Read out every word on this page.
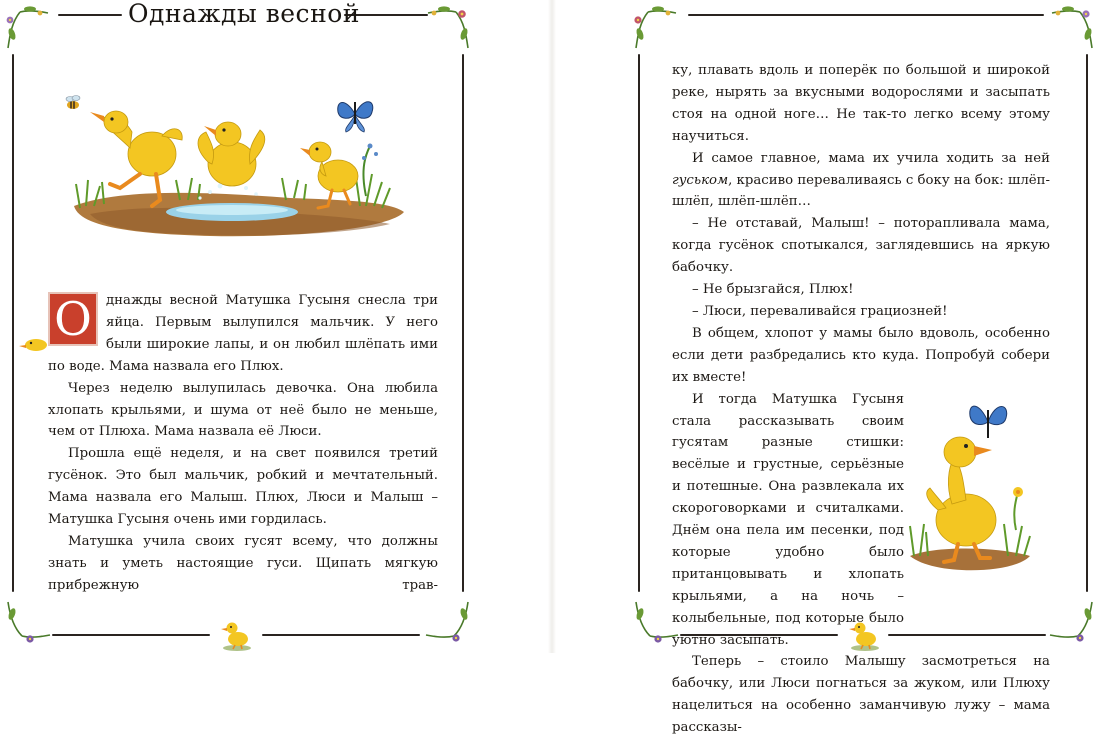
Однажды весной
О	днажды весной Матушка Гусыня снесла три яйца. Первым вылупился мальчик. У него были широкие лапы, и он любил шлёпать ими по воде. Мама назвала его Плюх.

Через неделю вылупилась девочка. Она любила хлопать крыльями, и шума от неё было не меньше, чем от Плюха. Мама назвала её Люси.

Прошла ещё неделя, и на свет появился третий гусёнок. Это был мальчик, робкий и мечтательный. Мама назвала его Малыш. Плюх, Люси и Малыш – Матушка Гусыня очень ими гордилась.

Матушка учила своих гусят всему, что должны знать и уметь настоящие гуси. Щипать мягкую прибрежную трав-

ку, плавать вдоль и поперёк по большой и широкой реке, нырять за вкусными водорослями и засыпать стоя на одной ноге… Не так-то легко всему этому научиться.

И самое главное, мама их учила ходить за ней гуськом, красиво переваливаясь с боку на бок: шлёп-шлёп, шлёп-шлёп…

– Не отставай, Малыш! – поторапливала мама, когда гусёнок спотыкался, заглядевшись на яркую бабочку.

– Не брызгайся, Плюх!

– Люси, переваливайся грациозней!

В общем, хлопот у мамы было вдоволь, особенно если дети разбредались кто куда. Попробуй собери их вместе!

И тогда Матушка Гусыня стала рассказывать своим гусятам разные стишки: весёлые и грустные, серьёзные и потешные. Она развлекала их скороговорками и считалками. Днём она пела им песенки, под которые удобно было пританцовывать и хлопать крыльями, а на ночь – колыбельные, под которые было уютно засыпать.

Теперь – стоило Малышу засмотреться на бабочку, или Люси погнаться за жуком, или Плюху нацелиться на особенно заманчивую лужу – мама рассказы-
